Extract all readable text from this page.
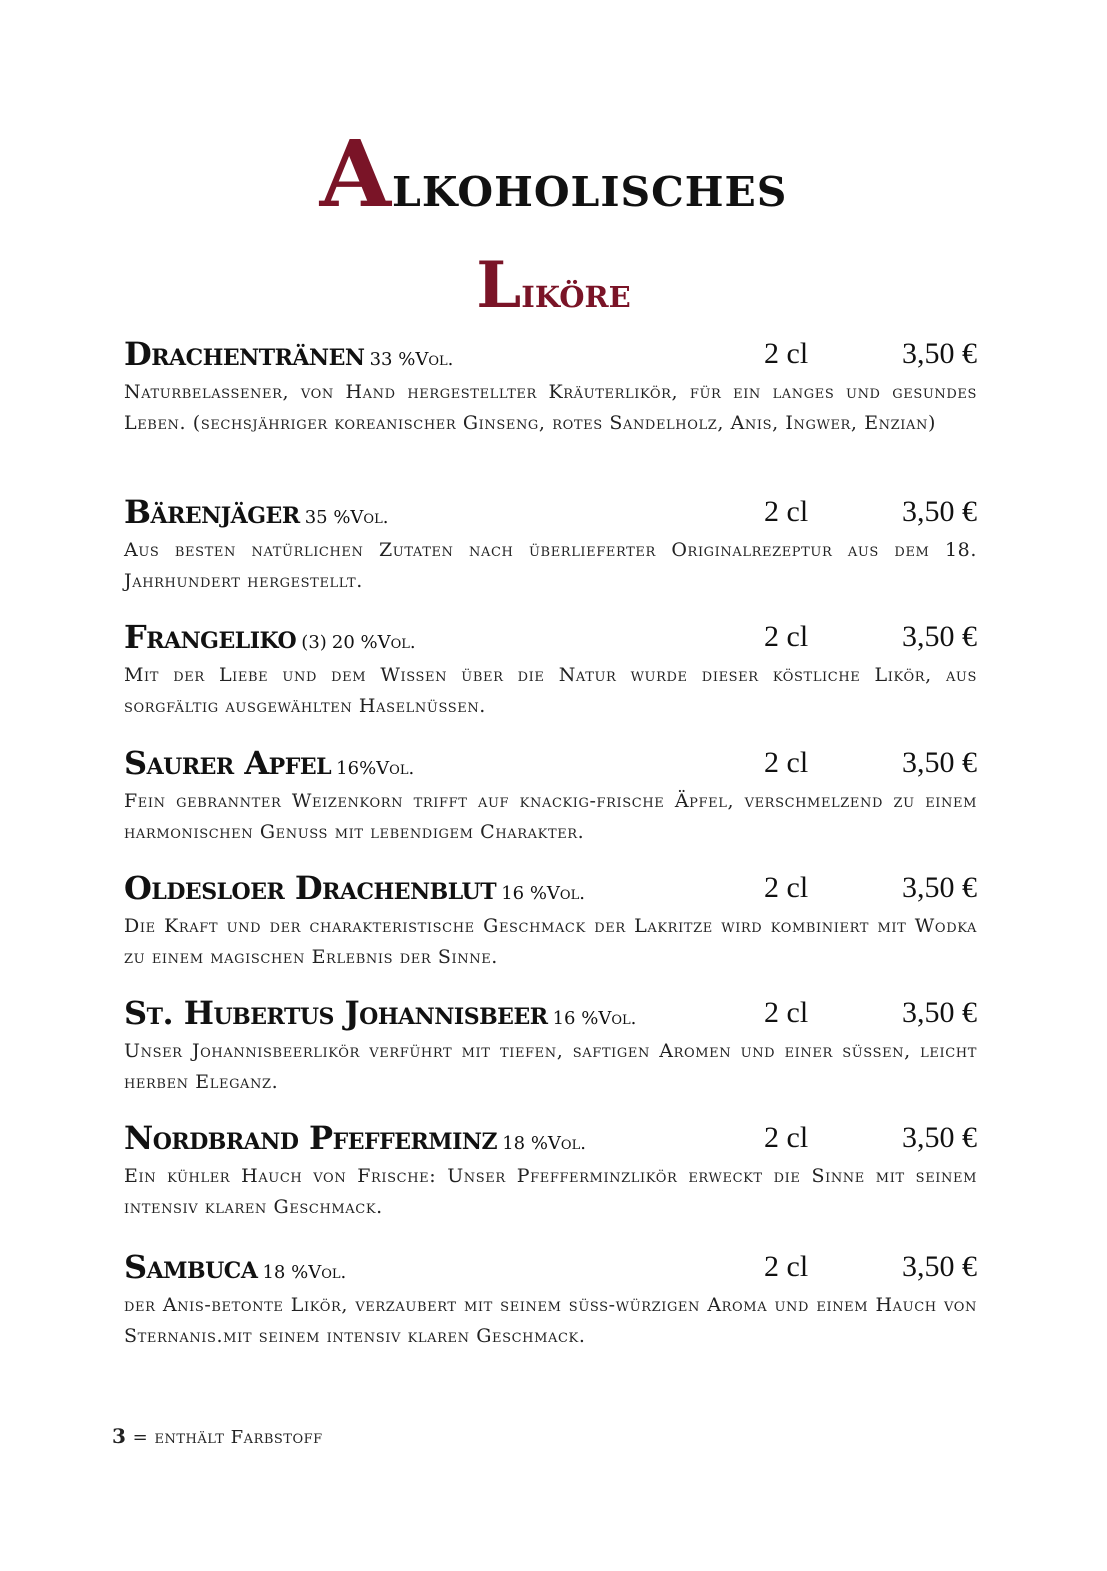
Alkoholisches
Liköre
Drachentränen 33 %Vol.	2 cl	3,50 €
Naturbelassener, von Hand hergestellter Kräuterlikör, für ein langes und gesundes Leben. (sechsjähriger koreanischer Ginseng, rotes Sandelholz, Anis, Ingwer, Enzian)
Bärenjäger 35 %Vol.	2 cl	3,50 €
Aus besten natürlichen Zutaten nach überlieferter Originalrezeptur aus dem 18. Jahrhundert hergestellt.
Frangeliko (3) 20 %Vol.	2 cl	3,50 €
Mit der Liebe und dem Wissen über die Natur wurde dieser köstliche Likör, aus sorgfältig ausgewählten Haselnüssen.
Saurer Apfel 16%Vol.	2 cl	3,50 €
Fein gebrannter Weizenkorn trifft auf knackig-frische Äpfel, verschmelzend zu einem harmonischen Genuss mit lebendigem Charakter.
Oldesloer Drachenblut 16 %Vol.	2 cl	3,50 €
Die Kraft und der charakteristische Geschmack der Lakritze wird kombiniert mit Wodka zu einem magischen Erlebnis der Sinne.
St. Hubertus Johannisbeer 16 %Vol.	2 cl	3,50 €
Unser Johannisbeerlikör verführt mit tiefen, saftigen Aromen und einer süssen, leicht herben Eleganz.
Nordbrand Pfefferminz 18 %Vol.	2 cl	3,50 €
Ein kühler Hauch von Frische: Unser Pfefferminzlikör erweckt die Sinne mit seinem intensiv klaren Geschmack.
Sambuca 18 %Vol.	2 cl	3,50 €
der Anis-betonte Likör, verzaubert mit seinem süss-würzigen Aroma und einem Hauch von Sternanis.mit seinem intensiv klaren Geschmack.
3 = enthält Farbstoff
